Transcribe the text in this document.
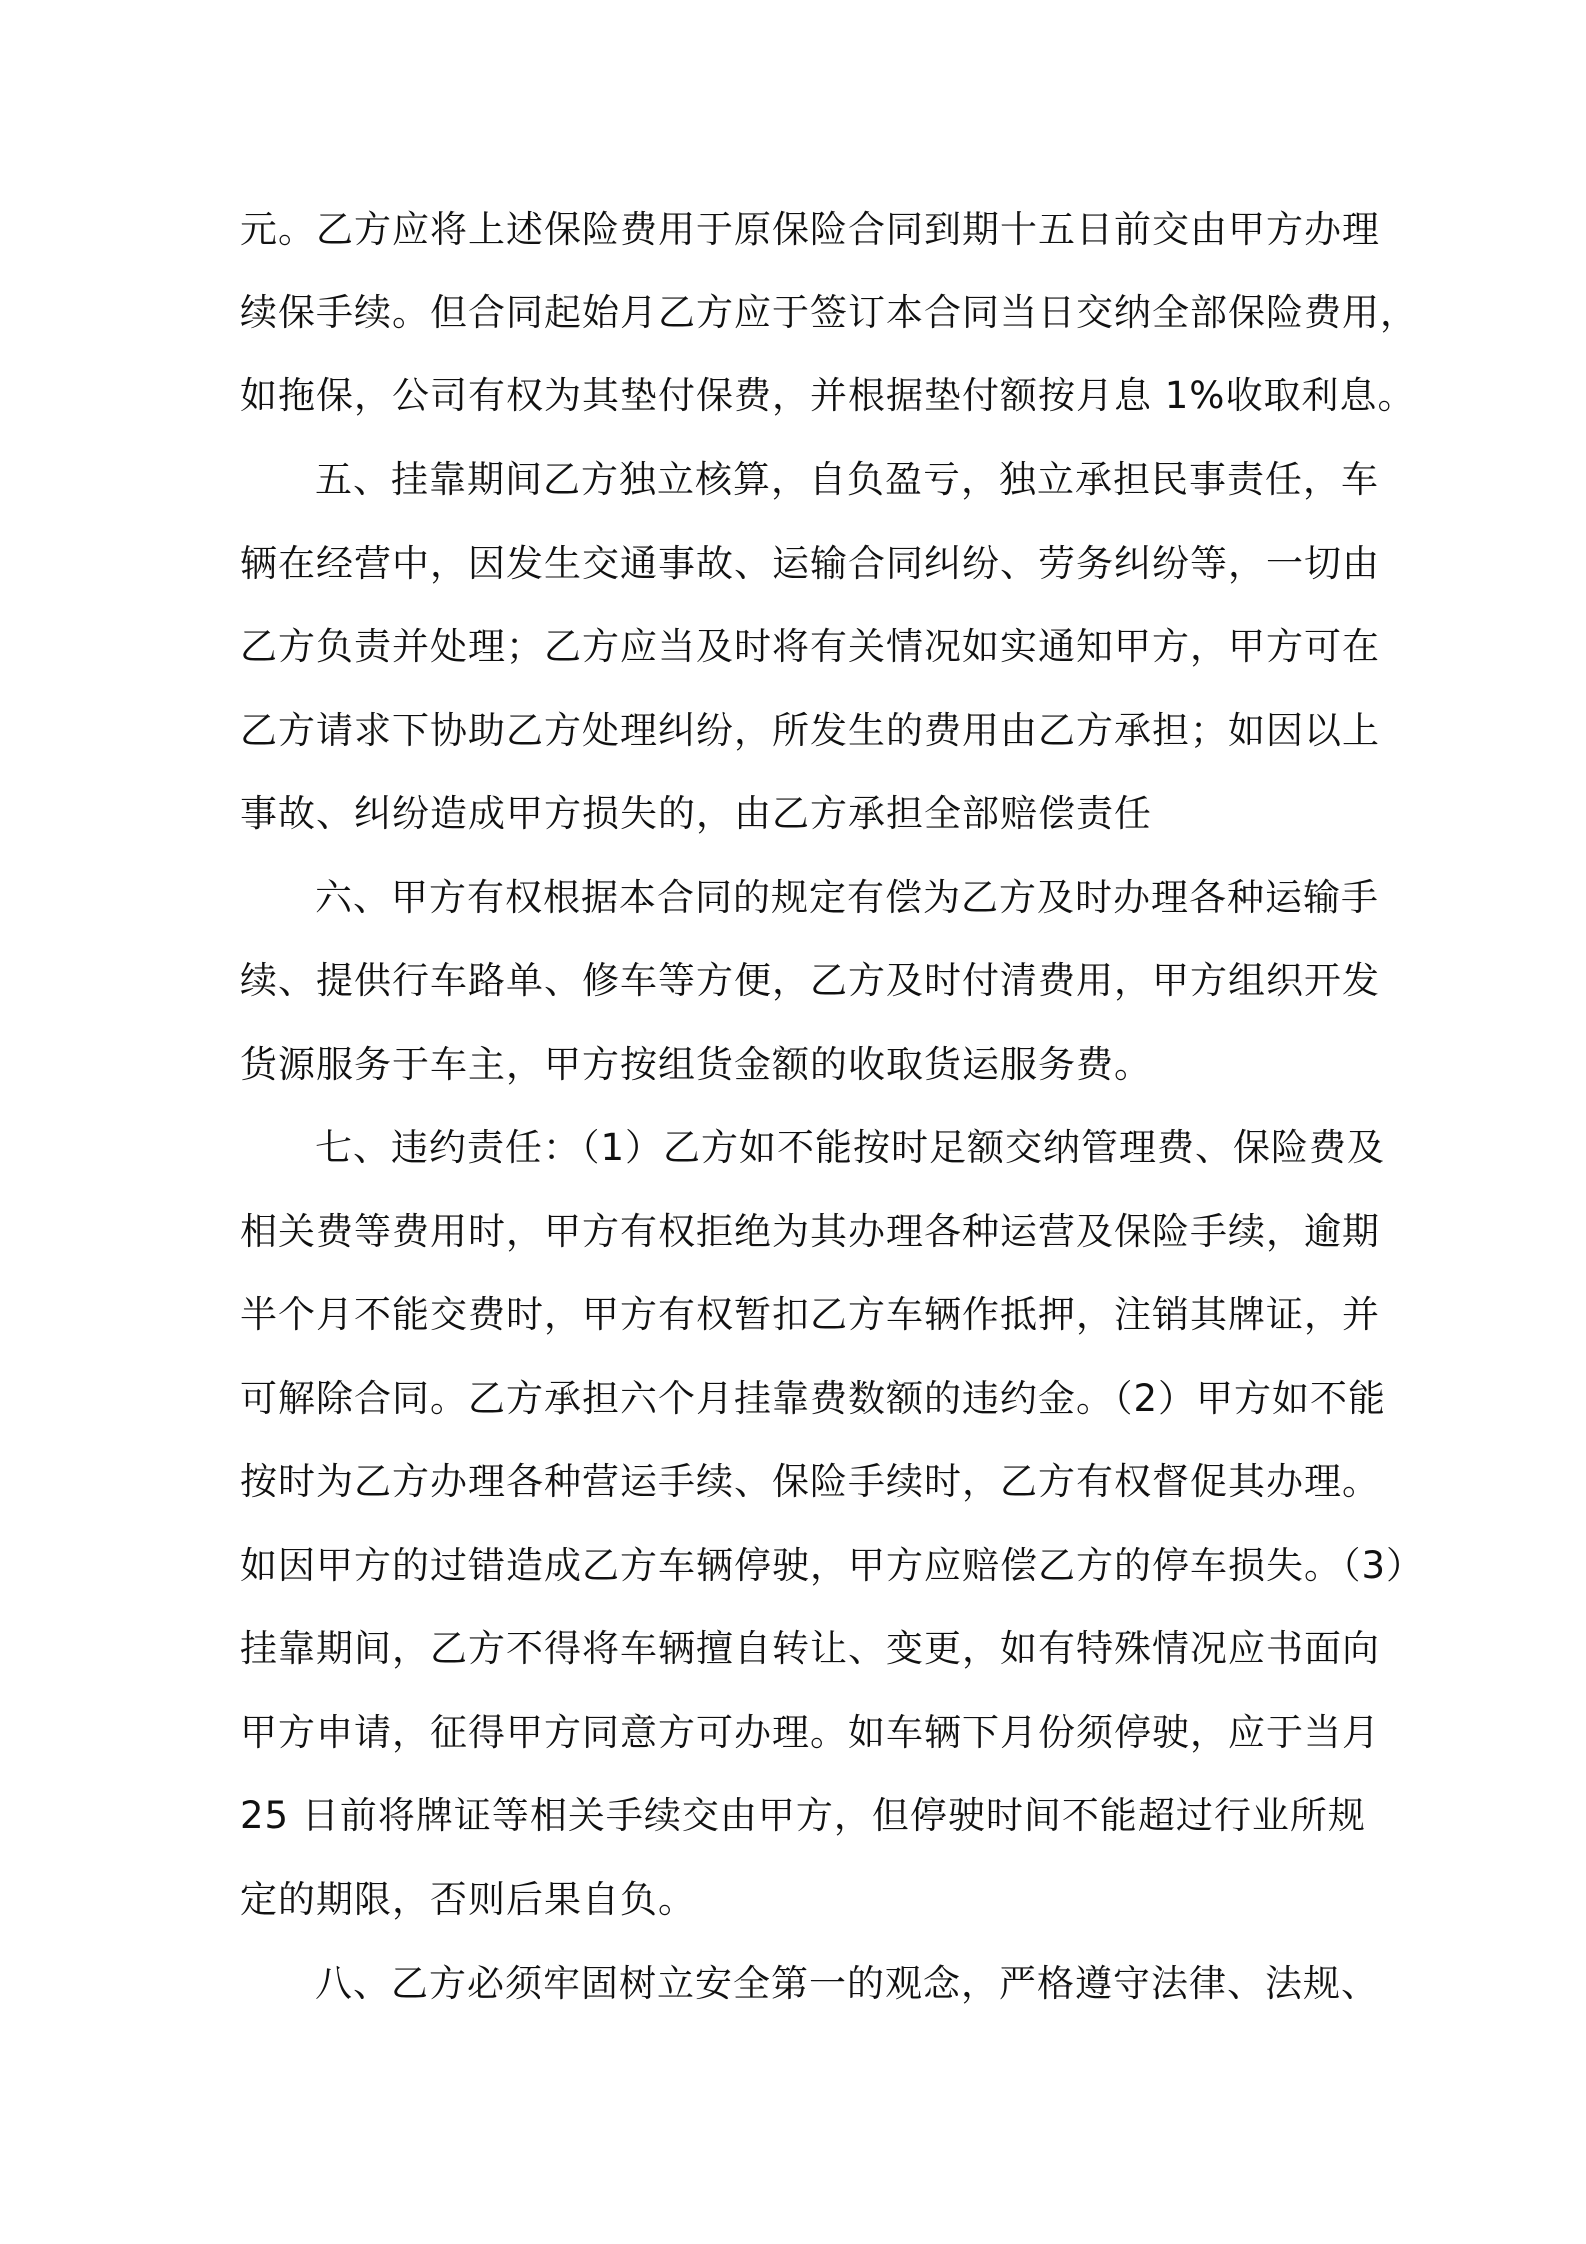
元。乙方应将上述保险费用于原保险合同到期十五日前交由甲方办理
续保手续。但合同起始月乙方应于签订本合同当日交纳全部保险费用，
如拖保，公司有权为其垫付保费，并根据垫付额按月息 1%收取利息。
五、挂靠期间乙方独立核算，自负盈亏，独立承担民事责任，车
辆在经营中，因发生交通事故、运输合同纠纷、劳务纠纷等，一切由
乙方负责并处理；乙方应当及时将有关情况如实通知甲方，甲方可在
乙方请求下协助乙方处理纠纷，所发生的费用由乙方承担；如因以上
事故、纠纷造成甲方损失的，由乙方承担全部赔偿责任
六、甲方有权根据本合同的规定有偿为乙方及时办理各种运输手
续、提供行车路单、修车等方便，乙方及时付清费用，甲方组织开发
货源服务于车主，甲方按组货金额的收取货运服务费。
七、违约责任：（1）乙方如不能按时足额交纳管理费、保险费及
相关费等费用时，甲方有权拒绝为其办理各种运营及保险手续，逾期
半个月不能交费时，甲方有权暂扣乙方车辆作抵押，注销其牌证，并
可解除合同。乙方承担六个月挂靠费数额的违约金。（2）甲方如不能
按时为乙方办理各种营运手续、保险手续时，乙方有权督促其办理。
如因甲方的过错造成乙方车辆停驶，甲方应赔偿乙方的停车损失。（3）
挂靠期间，乙方不得将车辆擅自转让、变更，如有特殊情况应书面向
甲方申请，征得甲方同意方可办理。如车辆下月份须停驶，应于当月
25 日前将牌证等相关手续交由甲方，但停驶时间不能超过行业所规
定的期限，否则后果自负。
八、乙方必须牢固树立安全第一的观念，严格遵守法律、法规、
